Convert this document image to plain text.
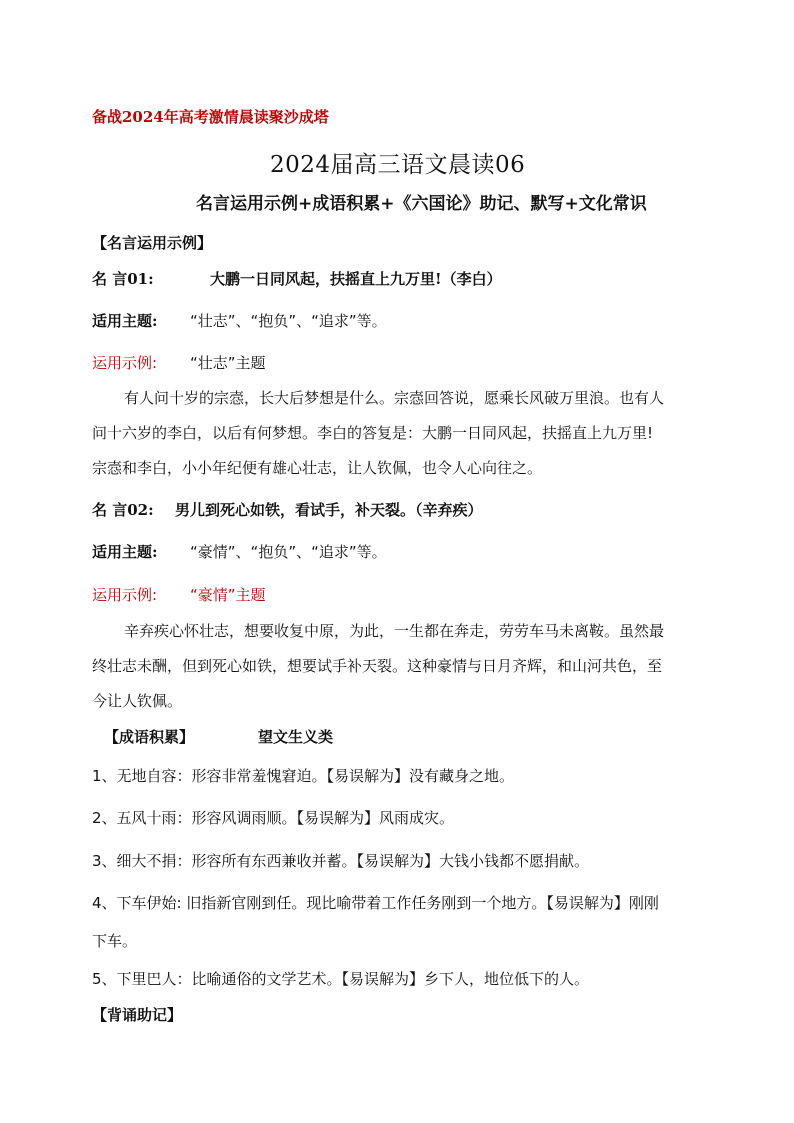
备战2024年高考激情晨读聚沙成塔
2024届高三语文晨读06
名言运用示例+成语积累+《六国论》助记、默写+文化常识
【名言运用示例】
名 言01:	大鹏一日同风起，扶摇直上九万里!（李白）
适用主题: “壮志”、“抱负”、“追求”等。
运用示例: “壮志”主题
有人问十岁的宗悫，长大后梦想是什么。宗悫回答说，愿乘长风破万里浪。也有人
问十六岁的李白，以后有何梦想。李白的答复是：大鹏一日同风起，扶摇直上九万里!
宗悫和李白，小小年纪便有雄心壮志，让人钦佩，也令人心向往之。
名 言02: 男儿到死心如铁，看试手，补天裂。（辛弃疾）
适用主题: “豪情”、“抱负”、“追求”等。
运用示例: “豪情”主题
辛弃疾心怀壮志，想要收复中原，为此，一生都在奔走，劳劳车马未离鞍。虽然最
终壮志未酬，但到死心如铁，想要试手补天裂。这种豪情与日月齐辉，和山河共色，至
今让人钦佩。
【成语积累】	望文生义类
1、无地自容：形容非常羞愧窘迫。【易误解为】没有藏身之地。
2、五风十雨：形容风调雨顺。【易误解为】风雨成灾。
3、细大不捐：形容所有东西兼收并蓄。【易误解为】大钱小钱都不愿捐献。
4、下车伊始: 旧指新官刚到任。现比喻带着工作任务刚到一个地方。【易误解为】刚刚
下车。
5、下里巴人：比喻通俗的文学艺术。【易误解为】乡下人，地位低下的人。
【背诵助记】
